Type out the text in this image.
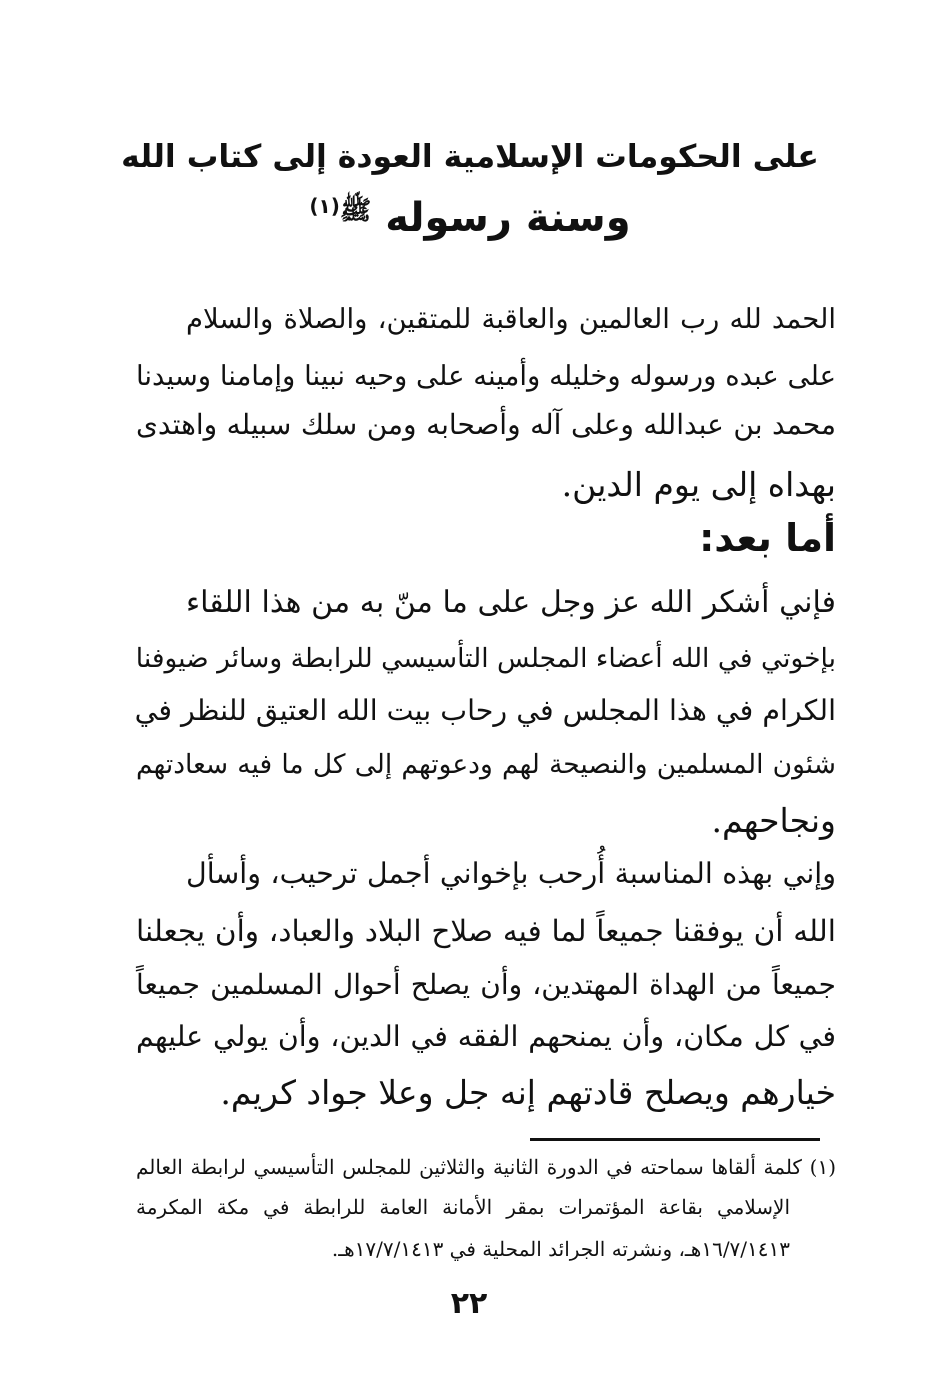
على الحكومات الإسلامية العودة إلى كتاب الله
وسنة رسوله $^{ﷺ(١)}$
الحمد لله رب العالمين والعاقبة للمتقين، والصلاة والسلام
على عبده ورسوله وخليله وأمينه على وحيه نبينا وإمامنا وسيدنا
محمد بن عبدالله وعلى آله وأصحابه ومن سلك سبيله واهتدى
بهداه إلى يوم الدين.
أما بعد:
فإني أشكر الله عز وجل على ما منّ به من هذا اللقاء
بإخوتي في الله أعضاء المجلس التأسيسي للرابطة وسائر ضيوفنا
الكرام في هذا المجلس في رحاب بيت الله العتيق للنظر في
شئون المسلمين والنصيحة لهم ودعوتهم إلى كل ما فيه سعادتهم
ونجاحهم.
وإني بهذه المناسبة أُرحب بإخواني أجمل ترحيب، وأسأل
الله أن يوفقنا جميعاً لما فيه صلاح البلاد والعباد، وأن يجعلنا
جميعاً من الهداة المهتدين، وأن يصلح أحوال المسلمين جميعاً
في كل مكان، وأن يمنحهم الفقه في الدين، وأن يولي عليهم
خيارهم ويصلح قادتهم إنه جل وعلا جواد كريم.
(١) كلمة ألقاها سماحته في الدورة الثانية والثلاثين للمجلس التأسيسي لرابطة العالم
الإسلامي بقاعة المؤتمرات بمقر الأمانة العامة للرابطة في مكة المكرمة
١٦/٧/١٤١٣هـ، ونشرته الجرائد المحلية في ١٧/٧/١٤١٣هـ.
٢٢
